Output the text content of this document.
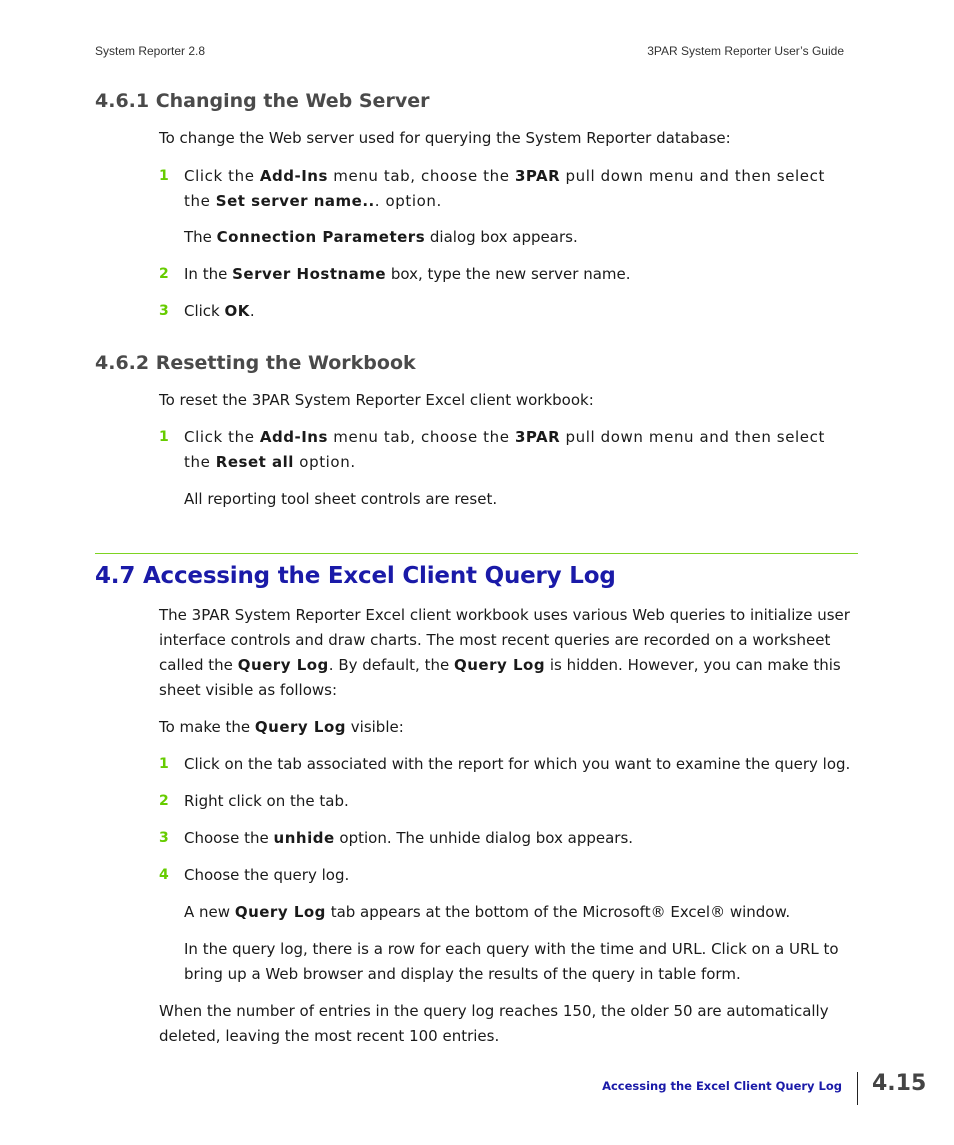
System Reporter 2.8	3PAR System Reporter User’s Guide
4.6.1 Changing the Web Server
To change the Web server used for querying the System Reporter database:
1 Click the Add-Ins menu tab, choose the 3PAR pull down menu and then select the Set server name... option.
The Connection Parameters dialog box appears.
2 In the Server Hostname box, type the new server name.
3 Click OK.
4.6.2 Resetting the Workbook
To reset the 3PAR System Reporter Excel client workbook:
1 Click the Add-Ins menu tab, choose the 3PAR pull down menu and then select the Reset all option.
All reporting tool sheet controls are reset.
4.7 Accessing the Excel Client Query Log
The 3PAR System Reporter Excel client workbook uses various Web queries to initialize user interface controls and draw charts. The most recent queries are recorded on a worksheet called the Query Log. By default, the Query Log is hidden. However, you can make this sheet visible as follows:
To make the Query Log visible:
1 Click on the tab associated with the report for which you want to examine the query log.
2 Right click on the tab.
3 Choose the unhide option. The unhide dialog box appears.
4 Choose the query log.
A new Query Log tab appears at the bottom of the Microsoft® Excel® window.
In the query log, there is a row for each query with the time and URL. Click on a URL to bring up a Web browser and display the results of the query in table form.
When the number of entries in the query log reaches 150, the older 50 are automatically deleted, leaving the most recent 100 entries.
Accessing the Excel Client Query Log 4.15
